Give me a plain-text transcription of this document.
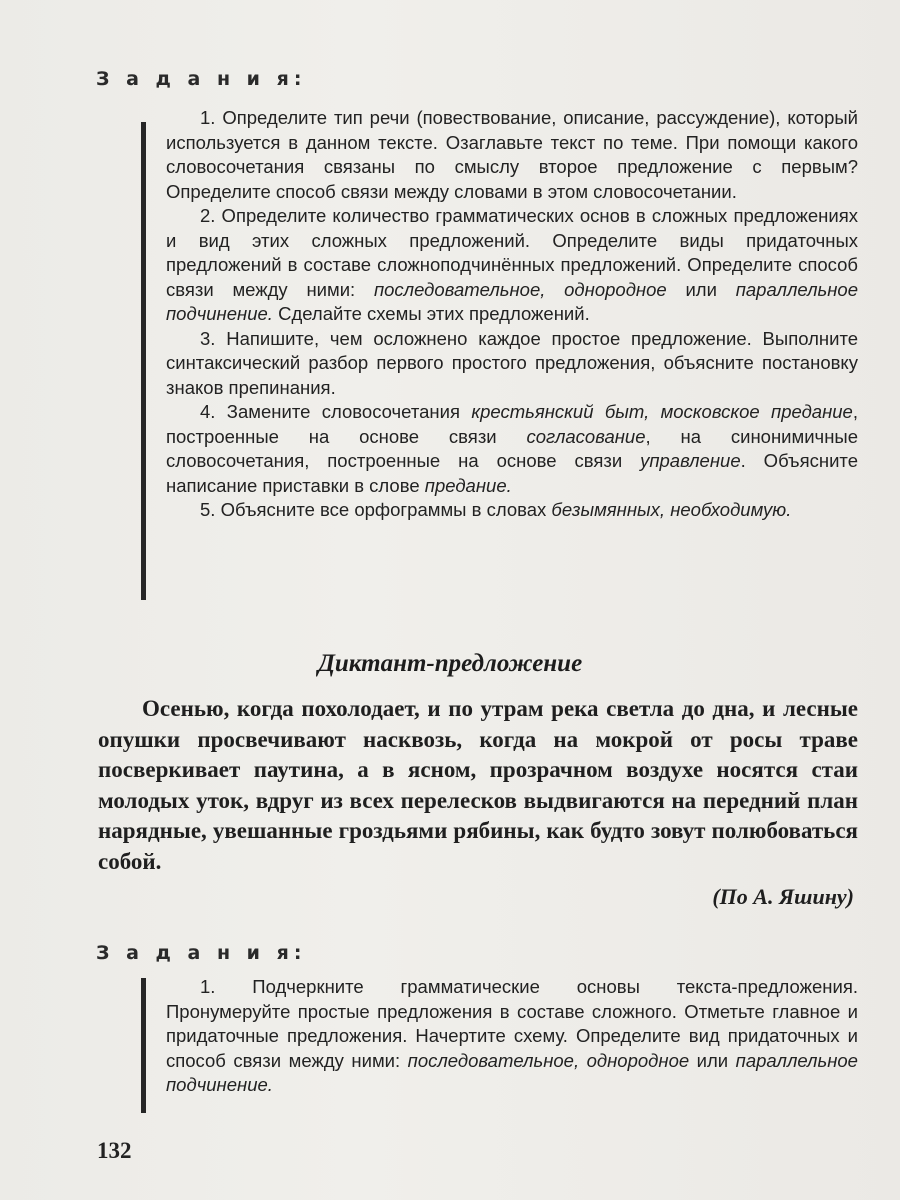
З а д а н и я:

1. Определите тип речи (повествование, описание, рассуждение), который используется в данном тексте. Озаглавьте текст по теме. При помощи какого словосочетания связаны по смыслу второе предложение с первым? Определите способ связи между словами в этом словосочетании.

2. Определите количество грамматических основ в сложных предложениях и вид этих сложных предложений. Определите виды придаточных предложений в составе сложноподчинённых предложений. Определите способ связи между ними: последовательное, однородное или параллельное подчинение. Сделайте схемы этих предложений.

3. Напишите, чем осложнено каждое простое предложение. Выполните синтаксический разбор первого простого предложения, объясните постановку знаков препинания.

4. Замените словосочетания крестьянский быт, московское предание, построенные на основе связи согласование, на синонимичные словосочетания, построенные на основе связи управление. Объясните написание приставки в слове предание.

5. Объясните все орфограммы в словах безымянных, необходимую.

Диктант-предложение

Осенью, когда похолодает, и по утрам река светла до дна, и лесные опушки просвечивают насквозь, когда на мокрой от росы траве посверкивает паутина, а в ясном, прозрачном воздухе носятся стаи молодых уток, вдруг из всех перелесков выдвигаются на передний план нарядные, увешанные гроздьями рябины, как будто зовут полюбоваться собой.

(По А. Яшину)
З а д а н и я:

1. Подчеркните грамматические основы текста-предложения. Пронумеруйте простые предложения в составе сложного. Отметьте главное и придаточные предложения. Начертите схему. Определите вид придаточных и способ связи между ними: последовательное, однородное или параллельное подчинение.

132
